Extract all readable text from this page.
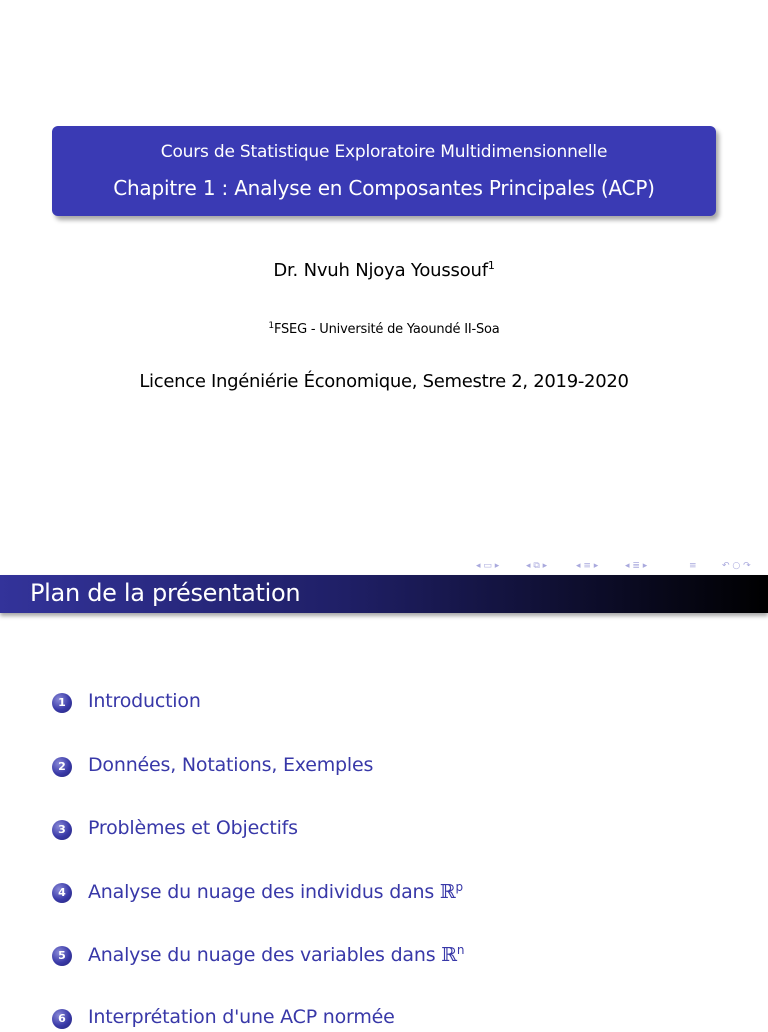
Cours de Statistique Exploratoire Multidimensionnelle
Chapitre 1 : Analyse en Composantes Principales (ACP)
Dr. Nvuh Njoya Youssouf$^1$
$^1$FSEG - Université de Yaoundé II-Soa
Licence Ingéniérie Économique, Semestre 2, 2019-2020
◂ ▭ ▸	◂ ⧉ ▸	◂ ≡ ▸	◂ ≣ ▸	≡	↶ ○ ↷
Plan de la présentation
1	Introduction
2	Données, Notations, Exemples
3	Problèmes et Objectifs
4	Analyse du nuage des individus dans ℝ$^p$
5	Analyse du nuage des variables dans ℝ$^n$
6	Interprétation d'une ACP normée
